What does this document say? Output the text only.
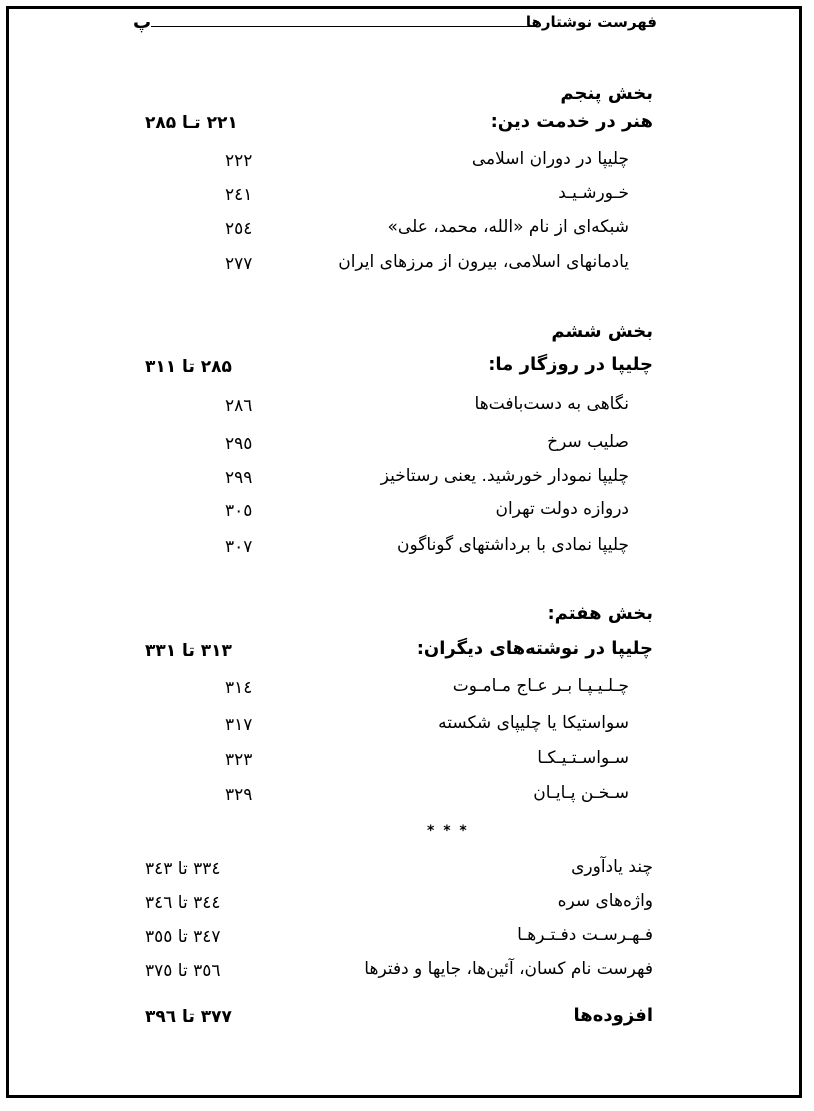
فهرست نوشتارها
پ
بخش پنجم
هنر در خدمت دین:
۲۲۱ تـا ۲۸۵
چلیپا در دوران اسلامی
۲۲۲
خـورشـیـد
۲٤۱
شبکه‌ای از نام «الله، محمد، علی»
۲٥٤
یادمانهای اسلامی، بیرون از مرزهای ایران
۲۷۷
بخش ششم
چلیپا در روزگار ما:
۲۸۵ تا ۳۱۱
نگاهی به دست‌بافت‌ها
۲۸٦
صلیب سرخ
۲۹٥
چلیپا نمودار خورشید. یعنی رستاخیز
۲۹۹
دروازه دولت تهران
۳۰٥
چلیپا نمادی با برداشتهای گوناگون
۳۰۷
بخش هفتم:
چلیپا در نوشته‌های دیگران:
۳۱۳ تا ۳۳۱
چـلـیـپـا بـر عـاج مـامـوت
۳۱٤
سواستیکا یا چلیپای شکسته
۳۱۷
سـواسـتـیـکـا
۳۲۳
سـخـن پـایـان
۳۲۹
* * *
چند یادآوری
۳۳٤ تا ۳٤۳
واژه‌های سره
۳٤٤ تا ۳٤٦
فـهـرسـت دفـتـرهـا
۳٤۷ تا ۳٥٥
فهرست نام کسان، آئین‌ها، جایها و دفترها
۳٥٦ تا ۳۷٥
افزوده‌ها
۳۷۷ تا ۳۹٦
